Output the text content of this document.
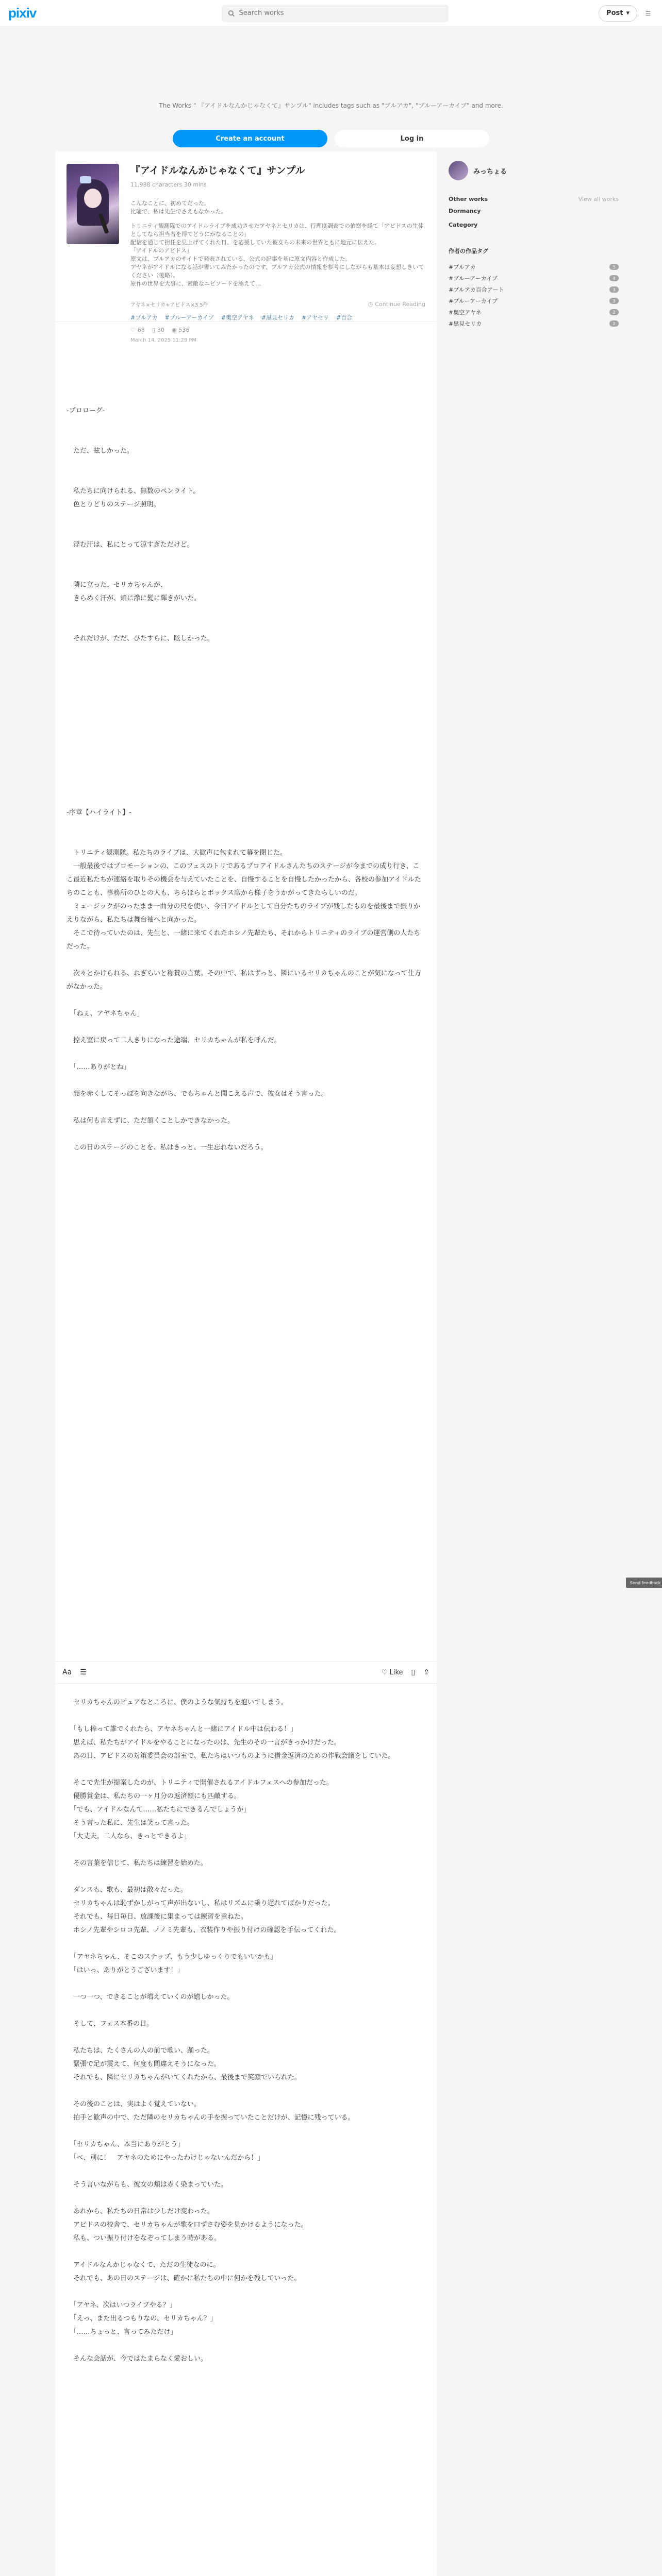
pixiv
Search works	Post ▾	☰
The Works " 『アイドルなんかじゃなくて』サンプル" includes tags such as "ブルアカ", "ブルーアーカイブ" and more.
Create an account	Log in
『アイドルなんかじゃなくて』サンプル
11,988 characters 30 mins

こんなことに、初めてだった。

比喩で、私は先生でさえもなかった。

トリニティ観測隊でのアイドルライブを成功させたアヤネとセリカは、行理度調査での偵察を経て「アビドスの生徒としてなら担当者を得てどうにかなることの」

配信を通じて担任を見上げてくれた日、を応援していた彼女らの未来の世界ともに地元に伝えた。

「アイドルのアビドス」

原文は、ブルアカのサイトで発表されている、公式の記事を基に原文内容と作成した。

アヤネがアイドルになる話が書いてみたかったのです、ブルアカ公式の情報を参考にしながらも基本は妄想しきいてください（後略）。

原作の世界を大事に、素敵なエピソードを添えて…

アヤネ×セリカ+アビドス×3 5件	◷ Continue Reading
#ブルアカ #ブルーアーカイブ #奥空アヤネ #黒見セリカ #アヤセリ #百合
♡ 68 ▯ 30 ◉ 536
March 14, 2025 11:29 PM

-プロローグ-

　ただ、眩しかった。

　私たちに向けられる、無数のペンライト。
　色とりどりのステージ照明。

　浮む汗は、私にとって涼すぎただけど。

　隣に立った、セリカちゃんが、
　きらめく汗が、頬に滲に髪に輝きがいた。

　それだけが、ただ、ひたすらに、眩しかった。

-序章【ハイライト】-

　トリニティ観測隊。私たちのライブは、大歓声に包まれて幕を閉じた。
　一般最後ではプロモーションの、このフェスのトリであるプロアイドルさんたちのステージが今までの成り行き、ここ最近私たちが連絡を取りその機会を与えていたことを、自慢することを自慢したかったから、各校の参加アイドルたちのことも、事務所のひとの人も、ちらほらとボックス席から様子をうかがってきたらしいのだ。
　ミュージックがのったまま一曲分の尺を使い、今日アイドルとして自分たちのライブが残したものを最後まで振りかえりながら、私たちは舞台袖へと向かった。
　そこで待っていたのは、先生と、一緒に来てくれたホシノ先輩たち、それからトリニティのライブの運営側の人たちだった。

　次々とかけられる、ねぎらいと称賛の言葉。その中で、私はずっと、隣にいるセリカちゃんのことが気になって仕方がなかった。

　「ねぇ、アヤネちゃん」

　控え室に戻って二人きりになった途端、セリカちゃんが私を呼んだ。

　「……ありがとね」

　顔を赤くしてそっぽを向きながら、でもちゃんと聞こえる声で、彼女はそう言った。

　私は何も言えずに、ただ頷くことしかできなかった。

　この日のステージのことを、私はきっと、一生忘れないだろう。
Aa ☰	♡ Like ▯ ⇪
　セリカちゃんのピュアなところに、僕のような気持ちを抱いてしまう。

　「もし棒って誰でくれたら、アヤネちゃんと一緒にアイドル中は伝わる！」
　思えば、私たちがアイドルをやることになったのは、先生のその一言がきっかけだった。
　あの日、アビドスの対策委員会の部室で、私たちはいつものように借金返済のための作戦会議をしていた。

　そこで先生が提案したのが、トリニティで開催されるアイドルフェスへの参加だった。
　優勝賞金は、私たちの一ヶ月分の返済額にも匹敵する。
　「でも、アイドルなんて……私たちにできるんでしょうか」
　そう言った私に、先生は笑って言った。
　「大丈夫。二人なら、きっとできるよ」

　その言葉を信じて、私たちは練習を始めた。

　ダンスも、歌も、最初は散々だった。
　セリカちゃんは恥ずかしがって声が出ないし、私はリズムに乗り遅れてばかりだった。
　それでも、毎日毎日、放課後に集まっては練習を重ねた。
　ホシノ先輩やシロコ先輩、ノノミ先輩も、衣装作りや振り付けの確認を手伝ってくれた。

　「アヤネちゃん、そこのステップ、もう少しゆっくりでもいいかも」
　「はいっ、ありがとうございます！」

　一つ一つ、できることが増えていくのが嬉しかった。

　そして、フェス本番の日。

　私たちは、たくさんの人の前で歌い、踊った。
　緊張で足が震えて、何度も間違えそうになった。
　それでも、隣にセリカちゃんがいてくれたから、最後まで笑顔でいられた。

　その後のことは、実はよく覚えていない。
　拍手と歓声の中で、ただ隣のセリカちゃんの手を握っていたことだけが、記憶に残っている。

　「セリカちゃん、本当にありがとう」
　「べ、別に！　アヤネのためにやったわけじゃないんだから！」

　そう言いながらも、彼女の頬は赤く染まっていた。

　あれから、私たちの日常は少しだけ変わった。
　アビドスの校舎で、セリカちゃんが歌を口ずさむ姿を見かけるようになった。
　私も、つい振り付けをなぞってしまう時がある。

　アイドルなんかじゃなくて、ただの生徒なのに。
　それでも、あの日のステージは、確かに私たちの中に何かを残していった。

　「アヤネ、次はいつライブやる？」
　「えっ、また出るつもりなの、セリカちゃん？」
　「……ちょっと、言ってみただけ」

　そんな会話が、今ではたまらなく愛おしい。
みっちょる
Other works	View all works
Dormancy
Category
作者の作品タグ
#ブルアカ	5
#ブルーアーカイブ	4
#ブルアカ百合アート	3
#ブルーアーカイブ	3
#奥空アヤネ	2
#黒見セリカ	2
Send feedback
